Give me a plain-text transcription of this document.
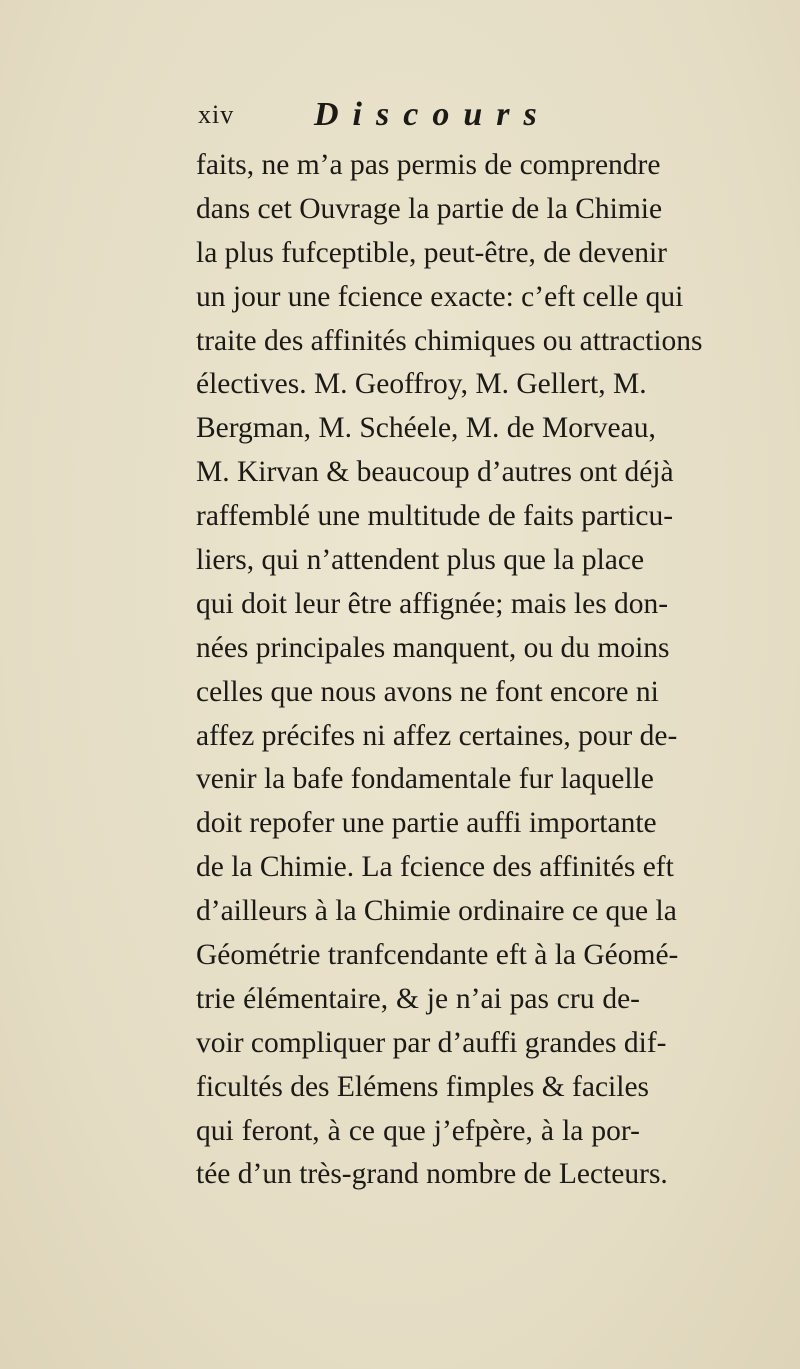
xiv Discours
faits, ne m’a pas permis de comprendre
dans cet Ouvrage la partie de la Chimie
la plus fufceptible, peut-être, de devenir
un jour une fcience exacte: c’eft celle qui
traite des affinités chimiques ou attractions
électives. M. Geoffroy, M. Gellert, M.
Bergman, M. Schéele, M. de Morveau,
M. Kirvan & beaucoup d’autres ont déjà
raffemblé une multitude de faits particu-
liers, qui n’attendent plus que la place
qui doit leur être affignée; mais les don-
nées principales manquent, ou du moins
celles que nous avons ne font encore ni
affez précifes ni affez certaines, pour de-
venir la bafe fondamentale fur laquelle
doit repofer une partie auffi importante
de la Chimie. La fcience des affinités eft
d’ailleurs à la Chimie ordinaire ce que la
Géométrie tranfcendante eft à la Géomé-
trie élémentaire, & je n’ai pas cru de-
voir compliquer par d’auffi grandes dif-
ficultés des Elémens fimples & faciles
qui feront, à ce que j’efpère, à la por-
tée d’un très-grand nombre de Lecteurs.
